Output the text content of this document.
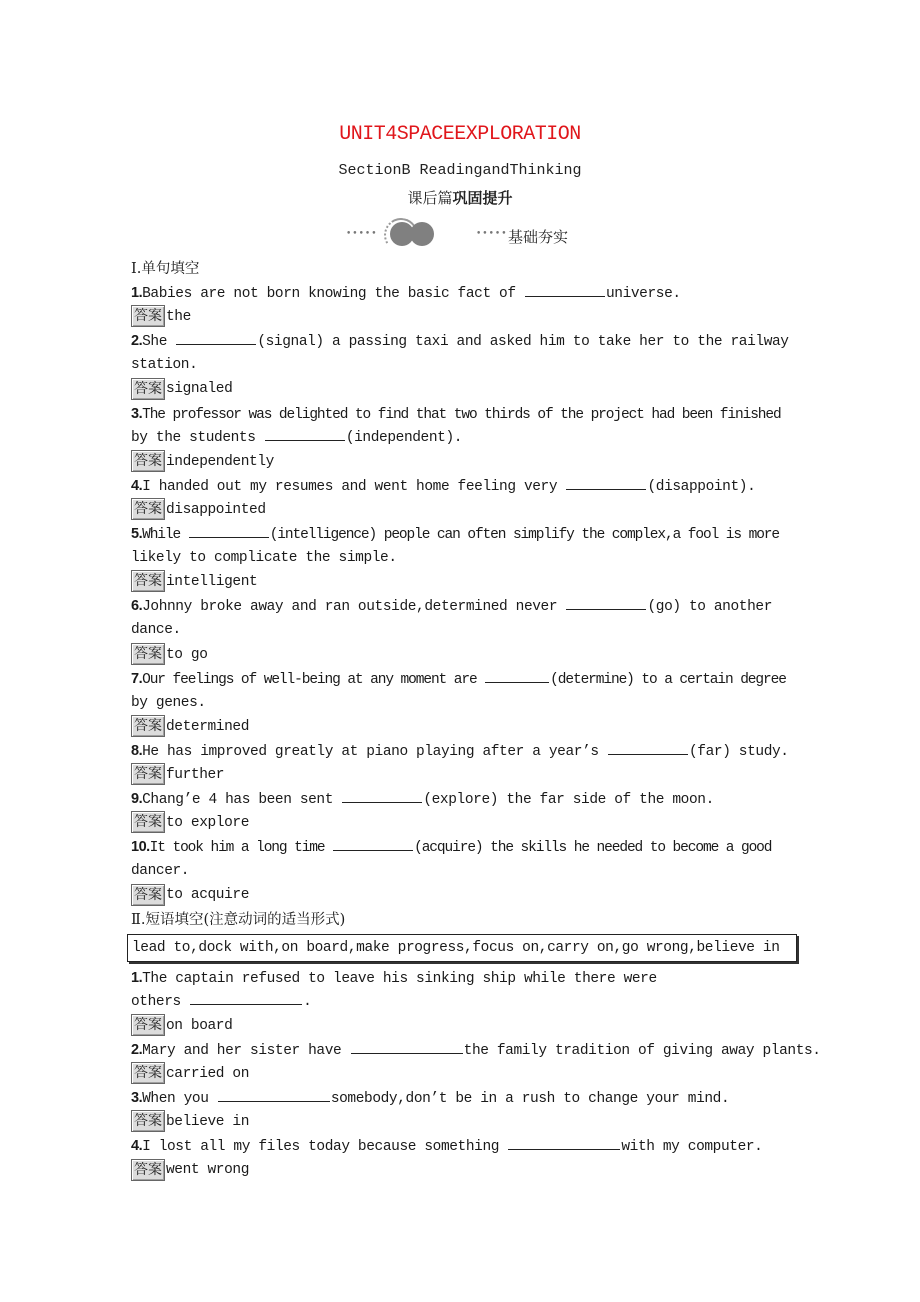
UNIT4SPACEEXPLORATION
SectionB ReadingandThinking
课后篇巩固提升
•••••	••••• 基础夯实
Ⅰ.单句填空
1.Babies are not born knowing the basic fact of	universe.
答案 the
2.She	(signal) a passing taxi and asked him to take her to the railway
station.
答案 signaled
3.The professor was delighted to find that two thirds of the project had been finished
by the students	(independent).
答案 independently
4.I handed out my resumes and went home feeling very	(disappoint).
答案 disappointed
5.While	(intelligence) people can often simplify the complex,a fool is more
likely to complicate the simple.
答案 intelligent
6.Johnny broke away and ran outside,determined never	(go) to another
dance.
答案 to go
7.Our feelings of well-being at any moment are	(determine) to a certain degree
by genes.
答案 determined
8.He has improved greatly at piano playing after a year’s	(far) study.
答案 further
9.Chang’e 4 has been sent	(explore) the far side of the moon.
答案 to explore
10.It took him a long time	(acquire) the skills he needed to become a good
dancer.
答案 to acquire
Ⅱ.短语填空(注意动词的适当形式)
lead to,dock with,on board,make progress,focus on,carry on,go wrong,believe in
1.The captain refused to leave his sinking ship while there were
others	.
答案 on board
2.Mary and her sister have	the family tradition of giving away plants.
答案 carried on
3.When you	somebody,don’t be in a rush to change your mind.
答案 believe in
4.I lost all my files today because something	with my computer.
答案 went wrong
